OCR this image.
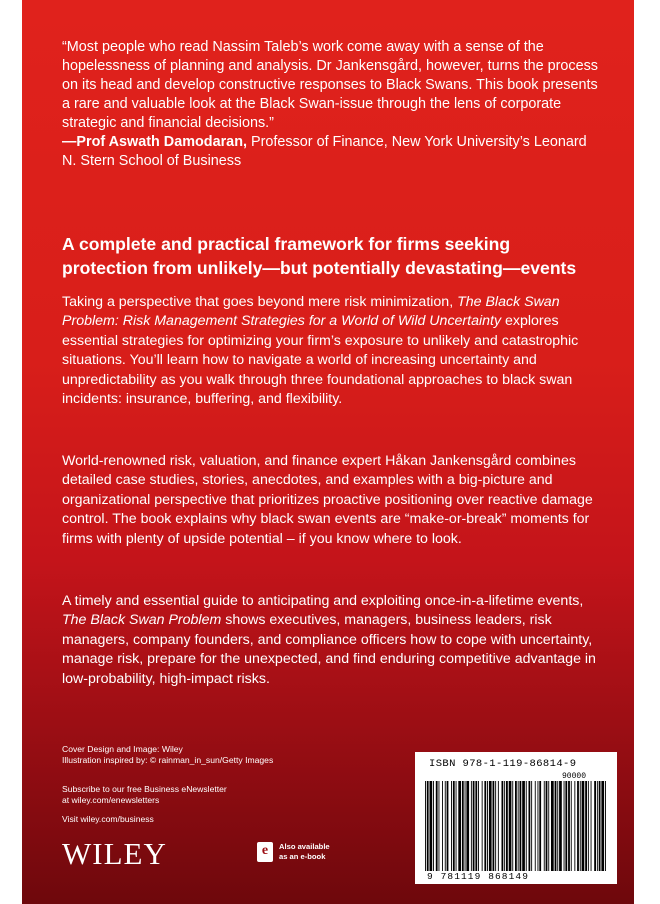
“Most people who read Nassim Taleb’s work come away with a sense of the hopelessness of planning and analysis. Dr Jankensgård, however, turns the process on its head and develop constructive responses to Black Swans. This book presents a rare and valuable look at the Black Swan-issue through the lens of corporate strategic and financial decisions.”

—Prof Aswath Damodaran, Professor of Finance, New York University’s Leonard N. Stern School of Business

A complete and practical framework for firms seeking
protection from unlikely—but potentially devastating—events

Taking a perspective that goes beyond mere risk minimization, The Black Swan Problem: Risk Management Strategies for a World of Wild Uncertainty explores essential strategies for optimizing your firm’s exposure to unlikely and catastrophic situations. You’ll learn how to navigate a world of increasing uncertainty and unpredictability as you walk through three foundational approaches to black swan incidents: insurance, buffering, and flexibility.

World-renowned risk, valuation, and finance expert Håkan Jankensgård combines detailed case studies, stories, anecdotes, and examples with a big-picture and organizational perspective that prioritizes proactive positioning over reactive damage control. The book explains why black swan events are “make-or-break” moments for firms with plenty of upside potential – if you know where to look.

A timely and essential guide to anticipating and exploiting once-in-a-lifetime events, The Black Swan Problem shows executives, managers, business leaders, risk managers, company founders, and compliance officers how to cope with uncertainty, manage risk, prepare for the unexpected, and find enduring competitive advantage in low-probability, high-impact risks.

Cover Design and Image: Wiley
Illustration inspired by: © rainman_in_sun/Getty Images
Subscribe to our free Business eNewsletter
at wiley.com/enewsletters
Visit wiley.com/business
WILEY	e	Also available
as an e-book
ISBN 978-1-119-86814-9
90000
9 781119 868149
